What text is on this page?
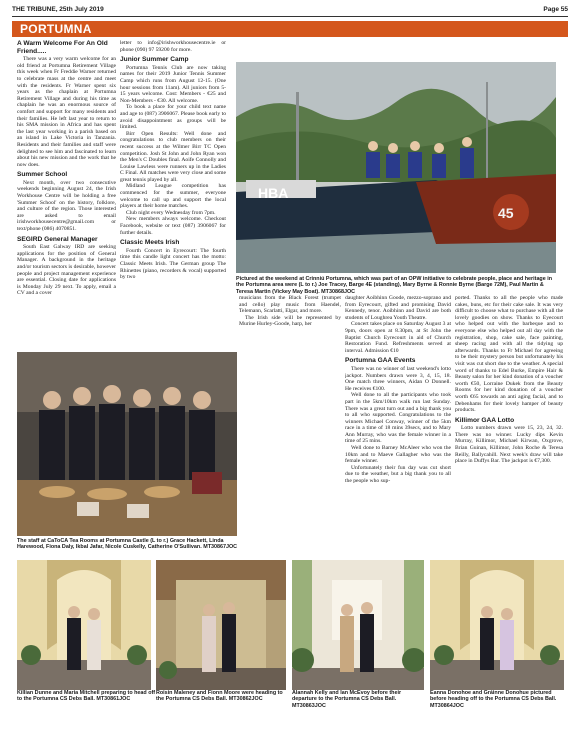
THE TRIBUNE, 25th July 2019	Page 55
PORTUMNA
A Warm Welcome For An Old Friend.....

There was a very warm welcome for an old friend at Portumna Retirement Village this week when Fr Freddie Warner returned to celebrate mass at the centre and meet with the residents. Fr Warner spent six years as the chaplain at Portumna Retirement Village and during his time as chaplain he was an enormous source of comfort and support for many residents and their families. He left last year to return to his SMA mission in Africa and has spent the last year working in a parish based on an island in Lake Victoria in Tanzania. Residents and their families and staff were delighted to see him and fascinated to learn about his new mission and the work that he now does.

Summer School

Next month, over two consecutive weekends beginning August 24, the Irish Workhouse Centre will be holding a free 'Summer School' on the history, folklore, and culture of the region. Those interested are asked to email irishworkhousecentre@gmail.com or text/phone (086) 4070851.

SEGIRD General Manager

South East Galway IRD are seeking applications for the position of General Manager. A background in the heritage and/or tourism sectors is desirable, however people and project management experience are essential. Closing date for applications is Monday July 29 next. To apply, email a CV and a cover

letter to info@irishworkhousecentre.ie or phone (090) 97 59200 for more.

Junior Summer Camp

Portumna Tennis Club are now taking names for their 2019 Junior Tennis Summer Camp which runs from August 12-15. (One hour sessions from 11am). All juniors from 5-15 years welcome. Cost: Members - €25 and Non-Members - €30. All welcome.

To book a place for your child text name and age to (087) 3906067. Please book early to avoid disappointment as groups will be limited.

Birr Open Results: Well done and congratulations to club members on their recent success at the Wilmer Birr TC Open competition. Josh St John and John Ryan won the Men's C Doubles final. Aoife Connolly and Louise Lawless were runners up in the Ladies C Final. All matches were very close and some great tennis played by all.

Midland League competition has commenced for the summer, everyone welcome to call up and support the local players at their home matches.

Club night every Wednesday from 7pm.

New members always welcome. Checkout Facebook, website or text (087) 3906067 for further details.

Classic Meets Irish

Fourth Concert in Eyrecourt: The fourth time this candle light concert has the motto: Classic Meets Irish. The German group The Rhinettes (piano, recorders & vocal) supported by two

HBA
45
Pictured at the weekend at Crinniú Portumna, which was part of an OPW initiative to celebrate people, place and heritage in the Portumna area were (L to r.) Joe Tracey, Barge 4E (standing), Mary Byrne & Ronnie Byrne (Barge 72M), Paul Martin & Teresa Martin (Vickey May Boat). MT30868JOC
The staff at CaToCA Tea Rooms at Portumna Castle (L to r.) Grace Hackett, Linda Harewood, Fiona Daly, Ikbal Jafar, Nicole Cuskelly, Catherine O'Sullivan. MT30867JOC

musicians from the Black Forest (trumpet and cello) play music from Haendel, Telemann, Scarlatti, Elgar, and more.

The Irish side will be represented by Murine Hurley-Goode, harp, her

daughter Aoibhinn Goode, mezzo-soprano and from Eyrecourt, gifted and promising David Kennedy, tenor. Aoibhinn and David are both students of Loughrea Youth Theatre.

Concert takes place on Saturday August 3 at 9pm, doors open at 8.30pm, at St John the Baptist Church Eyrecourt in aid of Church Restoration Fund. Refreshments served at interval. Admission €10

Portumna GAA Events

There was no winner of last weekend's lotto jackpot. Numbers drawn were 3, 4, 15, 18. One match three winners, Aidan O Donnell. He receives €100.

Well done to all the participants who took part in the 5km/10km walk run last Sunday. There was a great turn out and a big thank you to all who supported. Congratulations to the winners Michael Conway, winner of the 5km race in a time of 18 mins 39secs, and to Mary Ann Murray, who was the female winner in a time of 25 mins.

Well done to Barney McAleer who won the 10km and to Maeve Gallagher who was the female winner.

Unfortunately their fun day was cut short due to the weather, but a big thank you to all the people who sup-

ported. Thanks to all the people who made cakes, buns, etc for their cake sale. It was very difficult to choose what to purchase with all the lovely goodies on show. Thanks to Eyecourt who helped out with the barbeque and to everyone else who helped out all day with the registration, shop, cake sale, face painting, sheep racing and with all the tidying up afterwards. Thanks to Fr Michael for agreeing to be their mystery person but unfortunately his visit was cut short due to the weather. A special word of thanks to Edel Burke, Empire Hair & Beauty salon for her kind donation of a voucher worth €50, Lorraine Dukek from the Beauty Rooms for her kind donation of a voucher worth €65 towards an anti aging facial, and to Debenhams for their lovely hamper of beauty products.

Killimor GAA Lotto

Lotto numbers drawn were 15, 23, 24, 32. There was no winner. Lucky dips Kevin Murray, Killimor, Michael Kirwan, Oxgrove, Brian Guinan, Killimor, John Roche & Teresa Reilly, Ballycahill. Next week's draw will take place in Duffys Bar. The jackpot is €7,300.

Killian Dunne and Maria Mitchell preparing to head off to the Portumna CS Debs Ball. MT30861JOC
Roisin Maleney and Fionn Moore were heading to the Portumna CS Debs Ball. MT30862JOC
Alannah Kelly and Ian McEvoy before their departure to the Portumna CS Debs Ball. MT30863JOC
Eanna Donohoe and Gráinne Donohue pictured before heading off to the Portumna CS Debs Ball. MT30864JOC
